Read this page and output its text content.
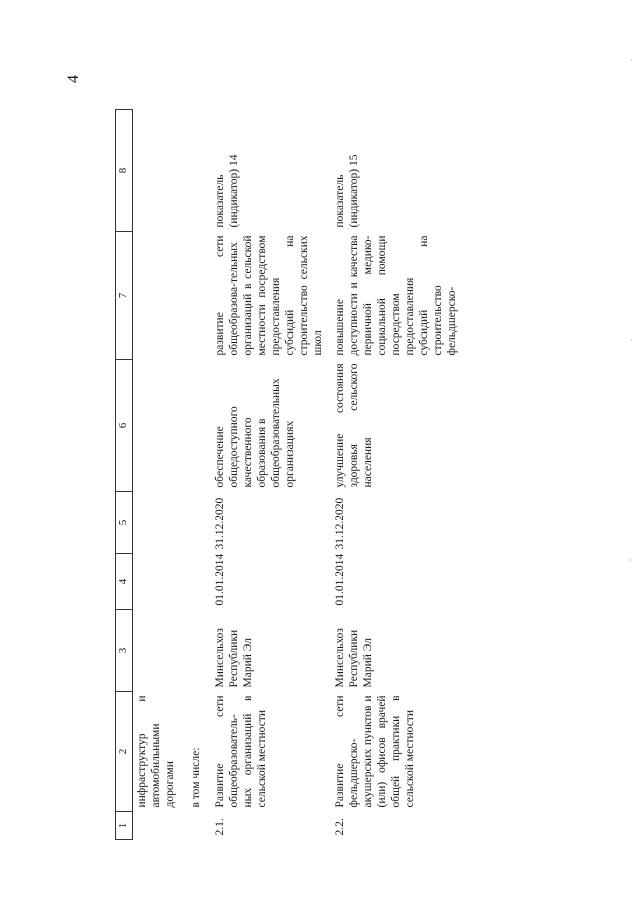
4
1	2	3	4	5	6	7	8
	инфраструктур и автомобильными дорогами						
	в том числе:						
2.1.	Развитие сети общеобразователь-ных организаций в сельской местности	Минсельхоз Республики Марий Эл	01.01.2014	31.12.2020	обеспечение общедоступного качественного образования в общеобразовательных организациях	развитие сети общеобразова-тельных организаций в сельской местности посредством предоставления субсидий на строительство сельских школ	показатель (индикатор) 14
2.2.	Развитие сети фельдшерско-акушерских пунктов и (или) офисов врачей общей практики в сельской местности	Минсельхоз Республики Марий Эл	01.01.2014	31.12.2020	улучшение состояния здоровья сельского населения	повышение доступности и качества первичной медико-социальной помощи посредством предоставления субсидий на строительство фельдшерско-	показатель (индикатор) 15
